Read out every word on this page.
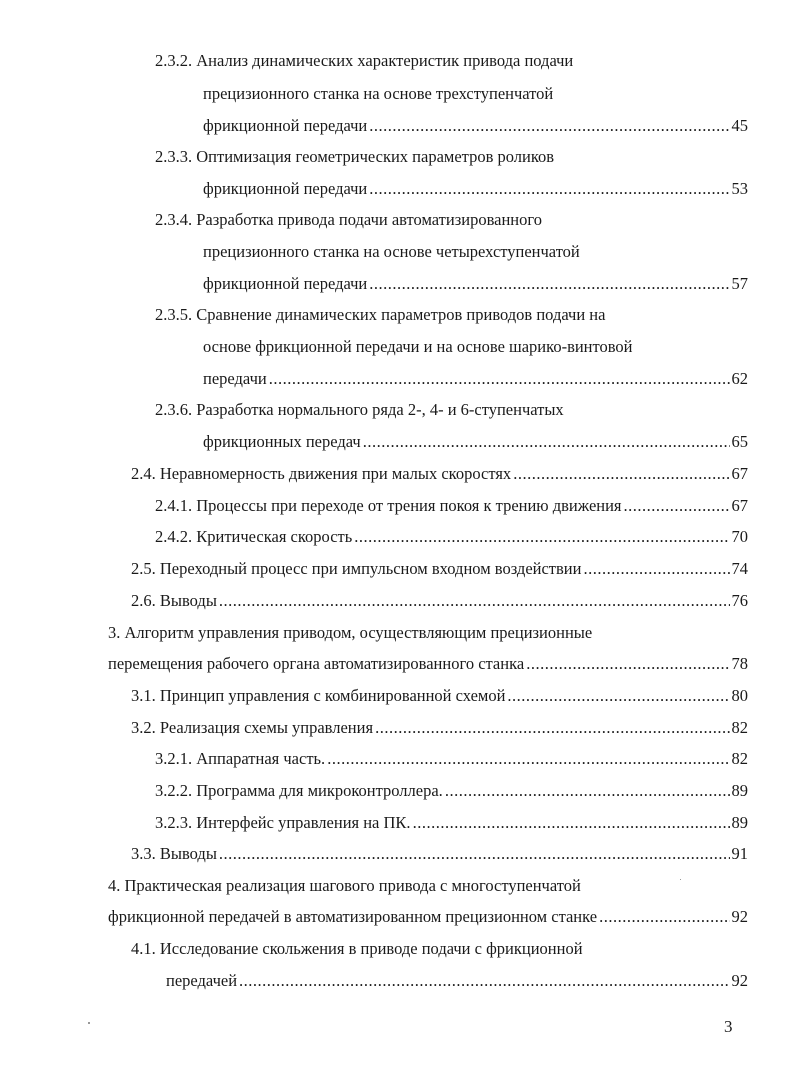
2.3.2. Анализ динамических характеристик привода подачи
прецизионного станка на основе трехступенчатой
фрикционной передачи .....	45
2.3.3. Оптимизация геометрических параметров роликов
фрикционной передачи .....	53
2.3.4. Разработка привода подачи автоматизированного
прецизионного станка на основе четырехступенчатой
фрикционной передачи .....	57
2.3.5. Сравнение динамических параметров приводов подачи на
основе фрикционной передачи и на основе шарико-винтовой
передачи .....	62
2.3.6. Разработка нормального ряда 2-, 4- и 6-ступенчатых
фрикционных передач .....	65
2.4. Неравномерность движения при малых скоростях .....	67
2.4.1. Процессы при переходе от трения покоя к трению движения .....	67
2.4.2. Критическая скорость .....	70
2.5. Переходный процесс при импульсном входном воздействии .....	74
2.6. Выводы .....	76
3. Алгоритм управления приводом, осуществляющим прецизионные
перемещения рабочего органа автоматизированного станка .....	78
3.1. Принцип управления с комбинированной схемой .....	80
3.2. Реализация схемы управления .....	82
3.2.1. Аппаратная часть. .....	82
3.2.2. Программа для микроконтроллера. .....	89
3.2.3. Интерфейс управления на ПК. .....	89
3.3. Выводы .....	91
4. Практическая реализация шагового привода с многоступенчатой
фрикционной передачей в автоматизированном прецизионном станке .....	92
4.1. Исследование скольжения в приводе подачи с фрикционной
передачей .....	92
3
